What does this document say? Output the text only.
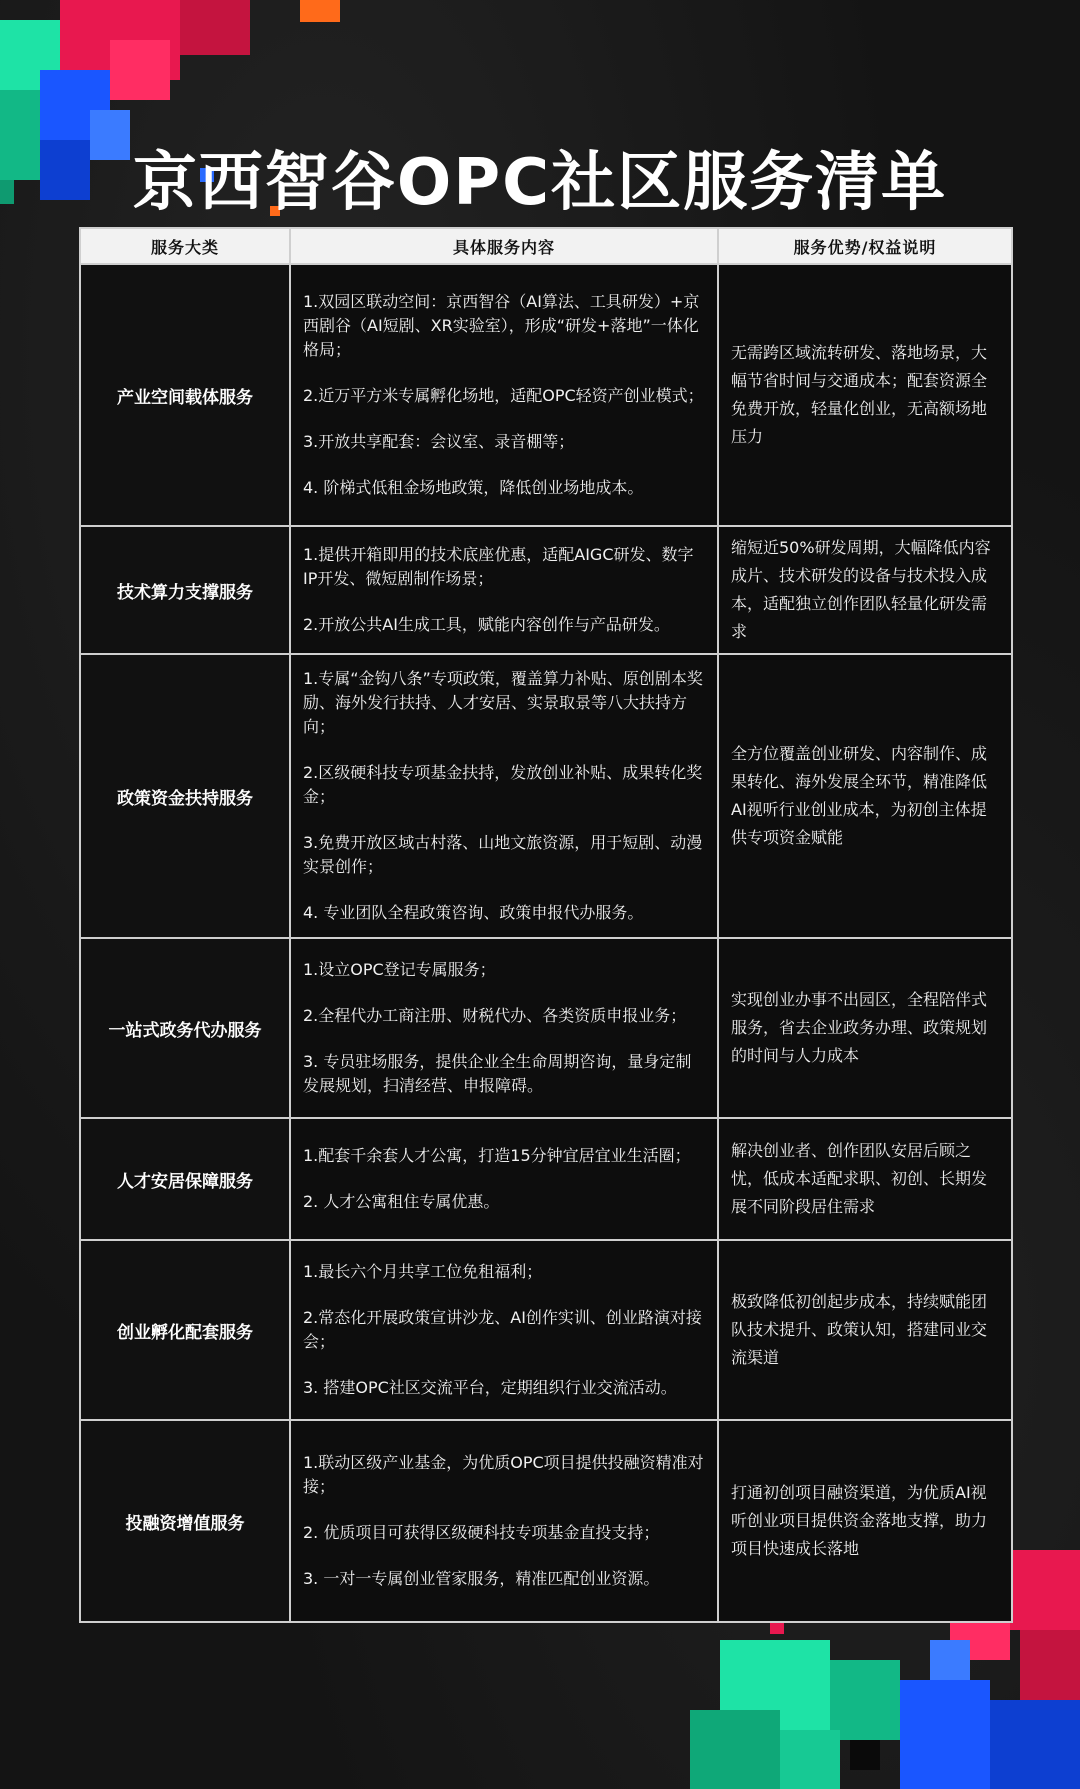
京西智谷OPC社区服务清单
服务大类	具体服务内容	服务优势/权益说明
产业空间载体服务	1.双园区联动空间：京西智谷（AI算法、工具研发）+京西剧谷（AI短剧、XR实验室），形成“研发+落地”一体化格局；

2.近万平方米专属孵化场地，适配OPC轻资产创业模式；

3.开放共享配套：会议室、录音棚等；

4. 阶梯式低租金场地政策，降低创业场地成本。	无需跨区域流转研发、落地场景，大幅节省时间与交通成本；配套资源全免费开放，轻量化创业，无高额场地压力
技术算力支撑服务	1.提供开箱即用的技术底座优惠，适配AIGC研发、数字IP开发、微短剧制作场景；

2.开放公共AI生成工具，赋能内容创作与产品研发。	缩短近50%研发周期，大幅降低内容成片、技术研发的设备与技术投入成本，适配独立创作团队轻量化研发需求
政策资金扶持服务	1.专属“金钩八条”专项政策，覆盖算力补贴、原创剧本奖励、海外发行扶持、人才安居、实景取景等八大扶持方向；

2.区级硬科技专项基金扶持，发放创业补贴、成果转化奖金；

3.免费开放区域古村落、山地文旅资源，用于短剧、动漫实景创作；

4. 专业团队全程政策咨询、政策申报代办服务。	全方位覆盖创业研发、内容制作、成果转化、海外发展全环节，精准降低AI视听行业创业成本，为初创主体提供专项资金赋能
一站式政务代办服务	1.设立OPC登记专属服务；

2.全程代办工商注册、财税代办、各类资质申报业务；

3. 专员驻场服务，提供企业全生命周期咨询，量身定制发展规划，扫清经营、申报障碍。	实现创业办事不出园区，全程陪伴式服务，省去企业政务办理、政策规划的时间与人力成本
人才安居保障服务	1.配套千余套人才公寓，打造15分钟宜居宜业生活圈；

2. 人才公寓租住专属优惠。	解决创业者、创作团队安居后顾之忧，低成本适配求职、初创、长期发展不同阶段居住需求
创业孵化配套服务	1.最长六个月共享工位免租福利；

2.常态化开展政策宣讲沙龙、AI创作实训、创业路演对接会；

3. 搭建OPC社区交流平台，定期组织行业交流活动。	极致降低初创起步成本，持续赋能团队技术提升、政策认知，搭建同业交流渠道
投融资增值服务	1.联动区级产业基金，为优质OPC项目提供投融资精准对接；

2. 优质项目可获得区级硬科技专项基金直投支持；

3. 一对一专属创业管家服务，精准匹配创业资源。	打通初创项目融资渠道，为优质AI视听创业项目提供资金落地支撑，助力项目快速成长落地
